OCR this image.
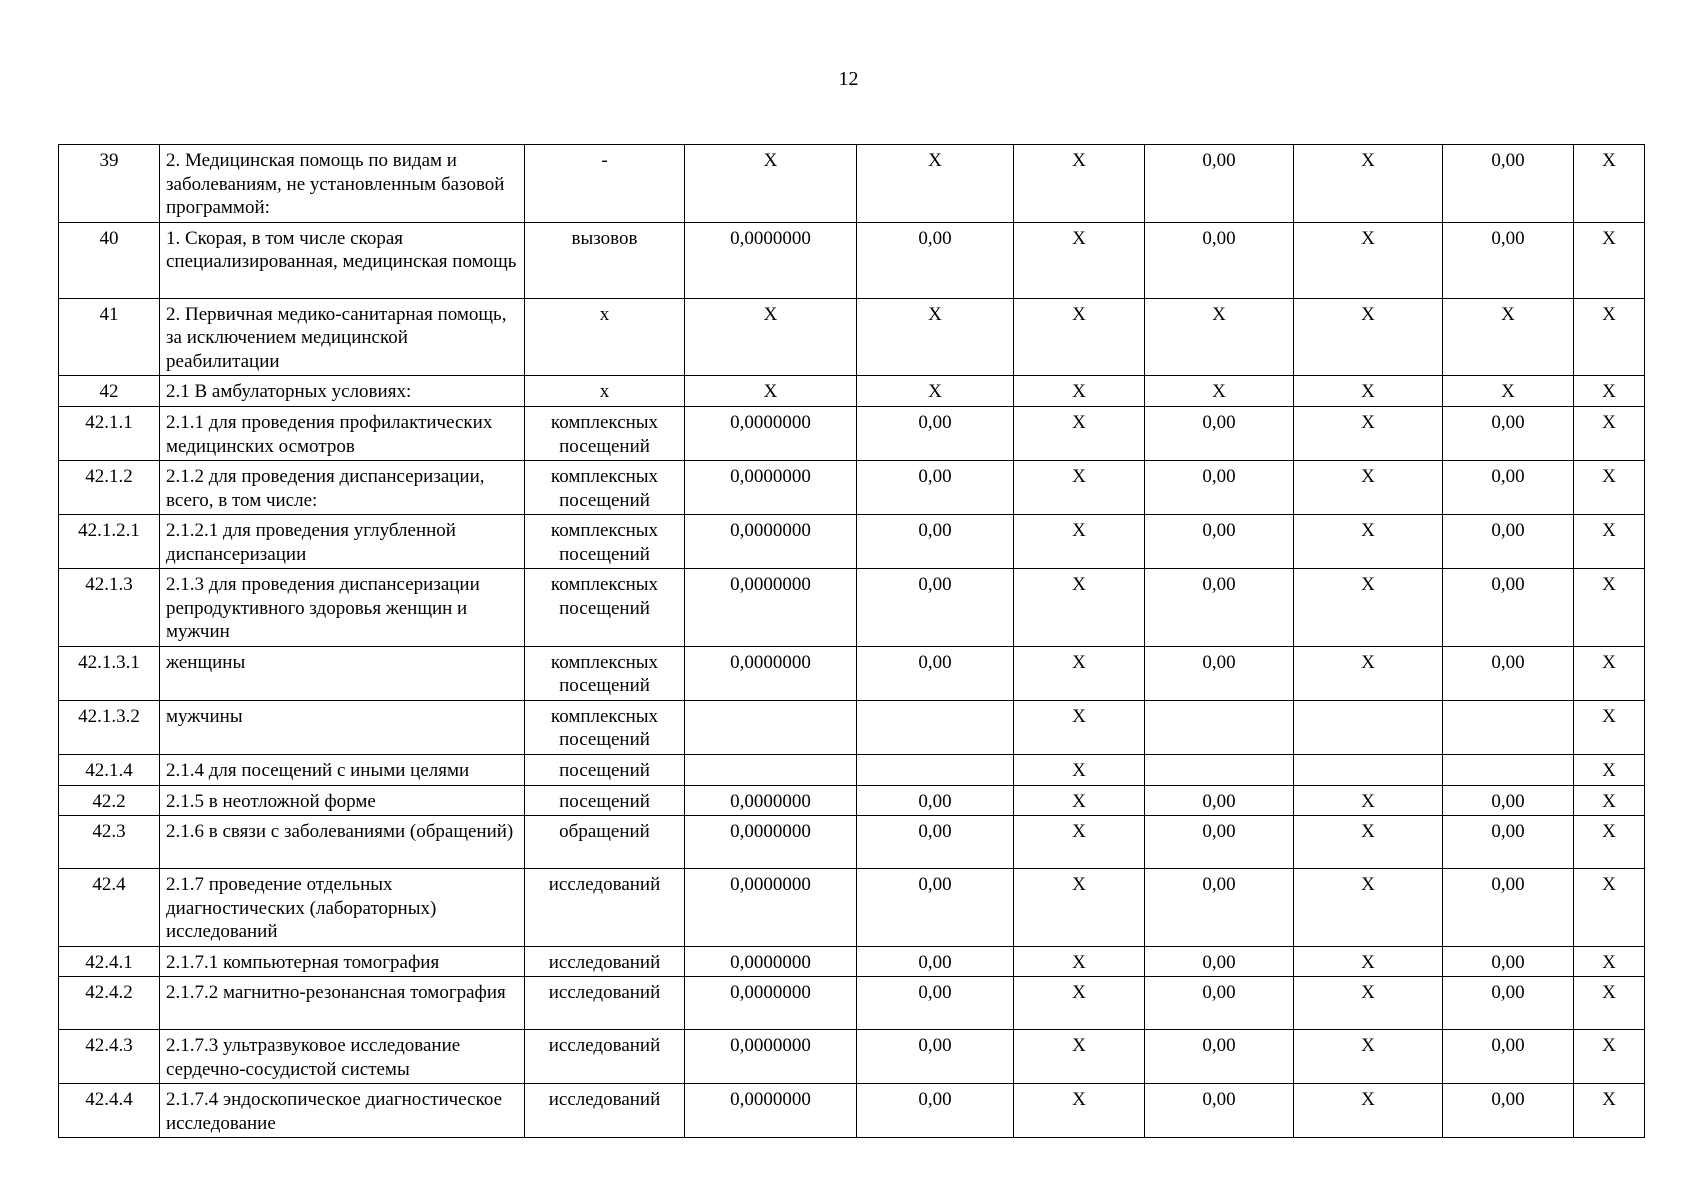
12
39	2. Медицинская помощь по видам и заболеваниям, не установленным базовой программой:	-	X	X	X	0,00	X	0,00	X
40	1. Скорая, в том числе скорая специализированная, медицинская помощь	вызовов	0,0000000	0,00	X	0,00	X	0,00	X
41	2. Первичная медико-санитарная помощь, за исключением медицинской реабилитации	х	X	X	X	X	X	X	X
42	2.1 В амбулаторных условиях:	х	X	X	X	X	X	X	X
42.1.1	2.1.1 для проведения профилактических медицинских осмотров	комплексных посещений	0,0000000	0,00	X	0,00	X	0,00	X
42.1.2	2.1.2 для проведения диспансеризации, всего, в том числе:	комплексных посещений	0,0000000	0,00	X	0,00	X	0,00	X
42.1.2.1	2.1.2.1 для проведения углубленной диспансеризации	комплексных посещений	0,0000000	0,00	X	0,00	X	0,00	X
42.1.3	2.1.3 для проведения диспансеризации репродуктивного здоровья женщин и мужчин	комплексных посещений	0,0000000	0,00	X	0,00	X	0,00	X
42.1.3.1	женщины	комплексных посещений	0,0000000	0,00	X	0,00	X	0,00	X
42.1.3.2	мужчины	комплексных посещений			X				X
42.1.4	2.1.4 для посещений с иными целями	посещений			X				X
42.2	2.1.5 в неотложной форме	посещений	0,0000000	0,00	X	0,00	X	0,00	X
42.3	2.1.6 в связи с заболеваниями (обращений)	обращений	0,0000000	0,00	X	0,00	X	0,00	X
42.4	2.1.7 проведение отдельных диагностических (лабораторных) исследований	исследований	0,0000000	0,00	X	0,00	X	0,00	X
42.4.1	2.1.7.1 компьютерная томография	исследований	0,0000000	0,00	X	0,00	X	0,00	X
42.4.2	2.1.7.2 магнитно-резонансная томография	исследований	0,0000000	0,00	X	0,00	X	0,00	X
42.4.3	2.1.7.3 ультразвуковое исследование сердечно-сосудистой системы	исследований	0,0000000	0,00	X	0,00	X	0,00	X
42.4.4	2.1.7.4 эндоскопическое диагностическое исследование	исследований	0,0000000	0,00	X	0,00	X	0,00	X
